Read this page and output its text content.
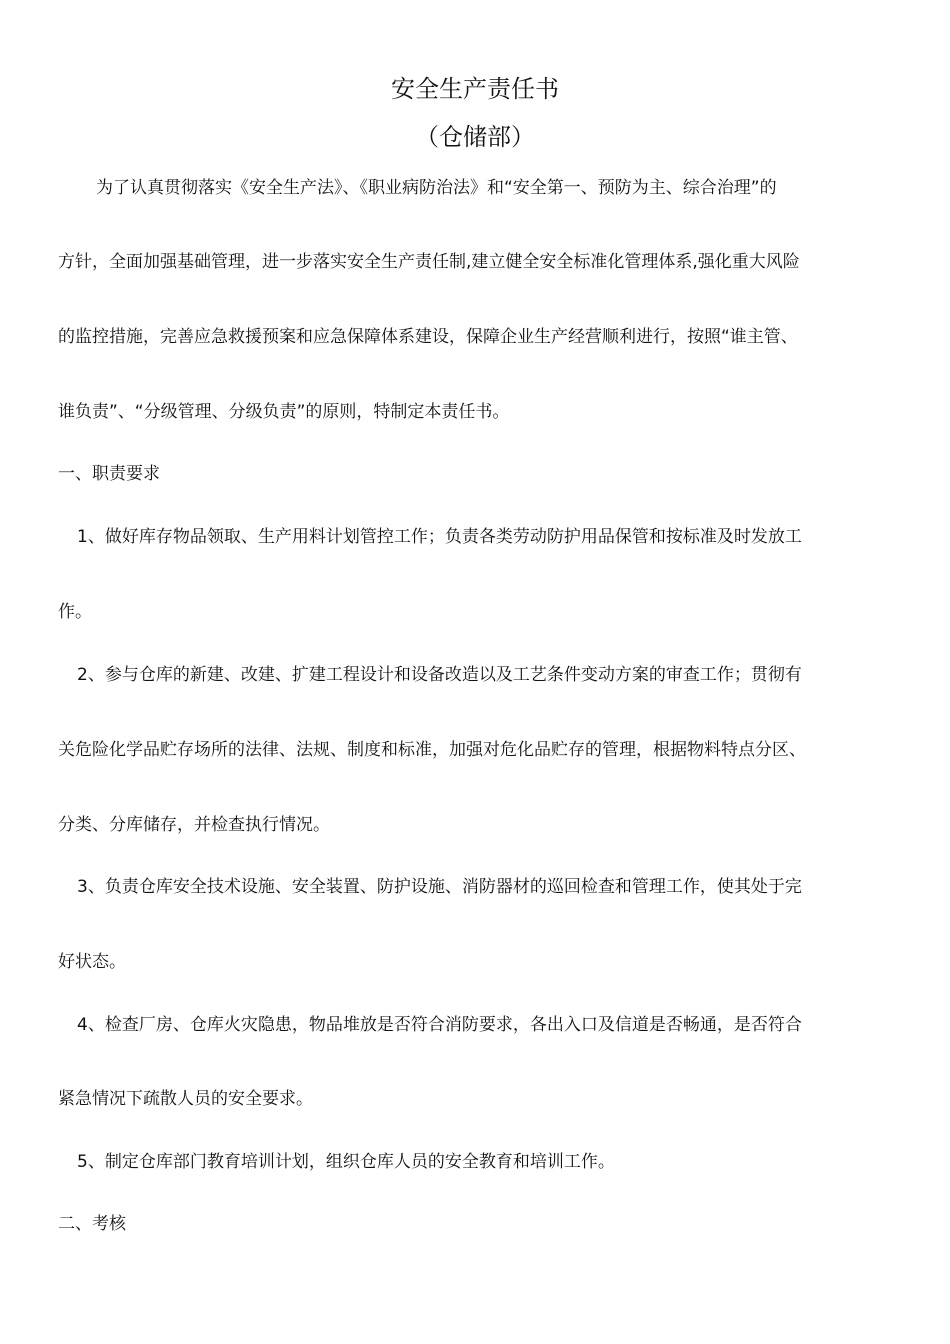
安全生产责任书
（仓储部）
为了认真贯彻落实《安全生产法》、《职业病防治法》和“安全第一、预防为主、综合治理”的
方针，全面加强基础管理，进一步落实安全生产责任制,建立健全安全标准化管理体系,强化重大风险
的监控措施，完善应急救援预案和应急保障体系建设，保障企业生产经营顺利进行，按照“谁主管、
谁负责”、“分级管理、分级负责”的原则，特制定本责任书。
一、职责要求
1、做好库存物品领取、生产用料计划管控工作；负责各类劳动防护用品保管和按标准及时发放工
作。
2、参与仓库的新建、改建、扩建工程设计和设备改造以及工艺条件变动方案的审查工作；贯彻有
关危险化学品贮存场所的法律、法规、制度和标准，加强对危化品贮存的管理，根据物料特点分区、
分类、分库储存，并检查执行情况。
3、负责仓库安全技术设施、安全装置、防护设施、消防器材的巡回检查和管理工作，使其处于完
好状态。
4、检查厂房、仓库火灾隐患，物品堆放是否符合消防要求，各出入口及信道是否畅通，是否符合
紧急情况下疏散人员的安全要求。
5、制定仓库部门教育培训计划，组织仓库人员的安全教育和培训工作。
二、考核
